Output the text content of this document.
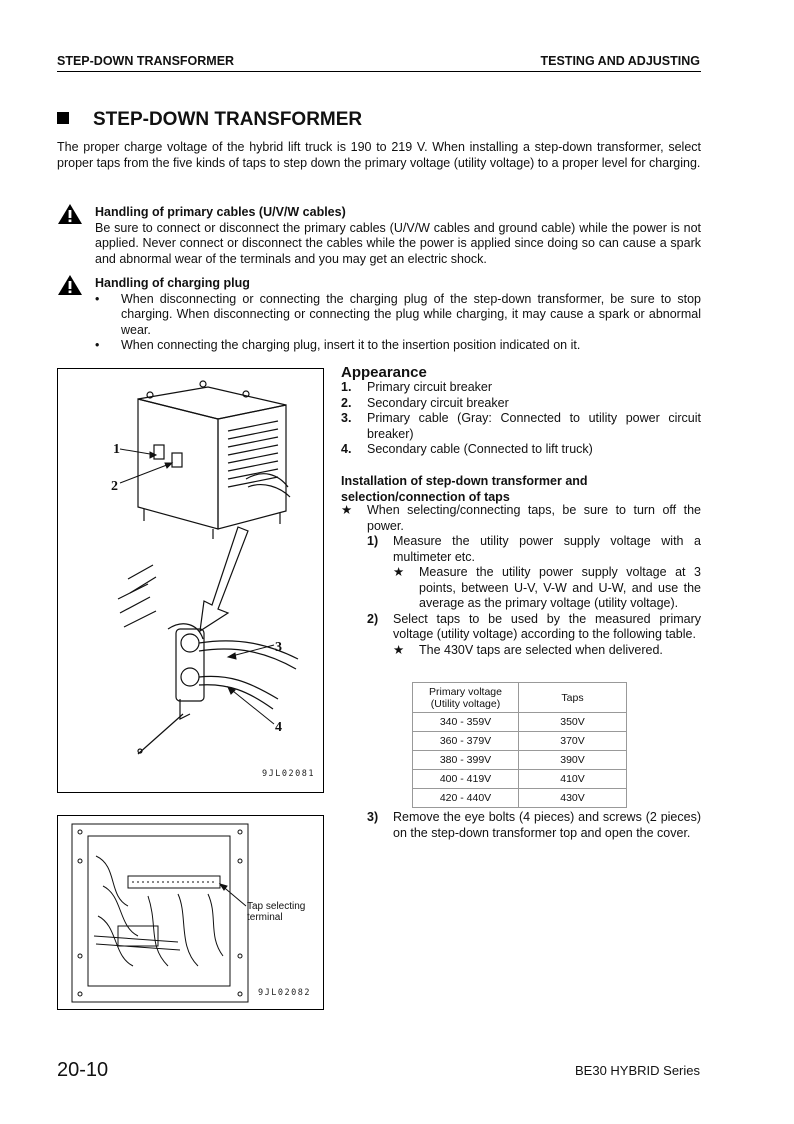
STEP-DOWN TRANSFORMER	TESTING AND ADJUSTING
STEP-DOWN TRANSFORMER
The proper charge voltage of the hybrid lift truck is 190 to 219 V. When installing a step-down transformer, select proper taps from the five kinds of taps to step down the primary voltage (utility voltage) to a proper level for charging.
Handling of primary cables (U/V/W cables)
Be sure to connect or disconnect the primary cables (U/V/W cables and ground cable) while the power is not applied. Never connect or disconnect the cables while the power is applied since doing so can cause a spark and abnormal wear of the terminals and you may get an electric shock.
Handling of charging plug
•	When disconnecting or connecting the charging plug of the step-down transformer, be sure to stop charging. When disconnecting or connecting the plug while charging, it may cause a spark or abnormal wear.
•	When connecting the charging plug, insert it to the insertion position indicated on it.
1
2
3
4
9JL02081
Tap selecting terminal
9JL02082
Appearance
1.	Primary circuit breaker
2.	Secondary circuit breaker
3.	Primary cable (Gray: Connected to utility power circuit breaker)
4.	Secondary cable (Connected to lift truck)
Installation of step-down transformer and selection/connection of taps
★	When selecting/connecting taps, be sure to turn off the power.
1)	Measure the utility power supply voltage with a multimeter etc.
★	Measure the utility power supply voltage at 3 points, between U-V, V-W and U-W, and use the average as the primary voltage (utility voltage).
2)	Select taps to be used by the measured primary voltage (utility voltage) according to the following table.
★	The 430V taps are selected when delivered.
Primary voltage
(Utility voltage)	Taps
340 - 359V	350V
360 - 379V	370V
380 - 399V	390V
400 - 419V	410V
420 - 440V	430V
3)	Remove the eye bolts (4 pieces) and screws (2 pieces) on the step-down transformer top and open the cover.
20-10	BE30 HYBRID Series
